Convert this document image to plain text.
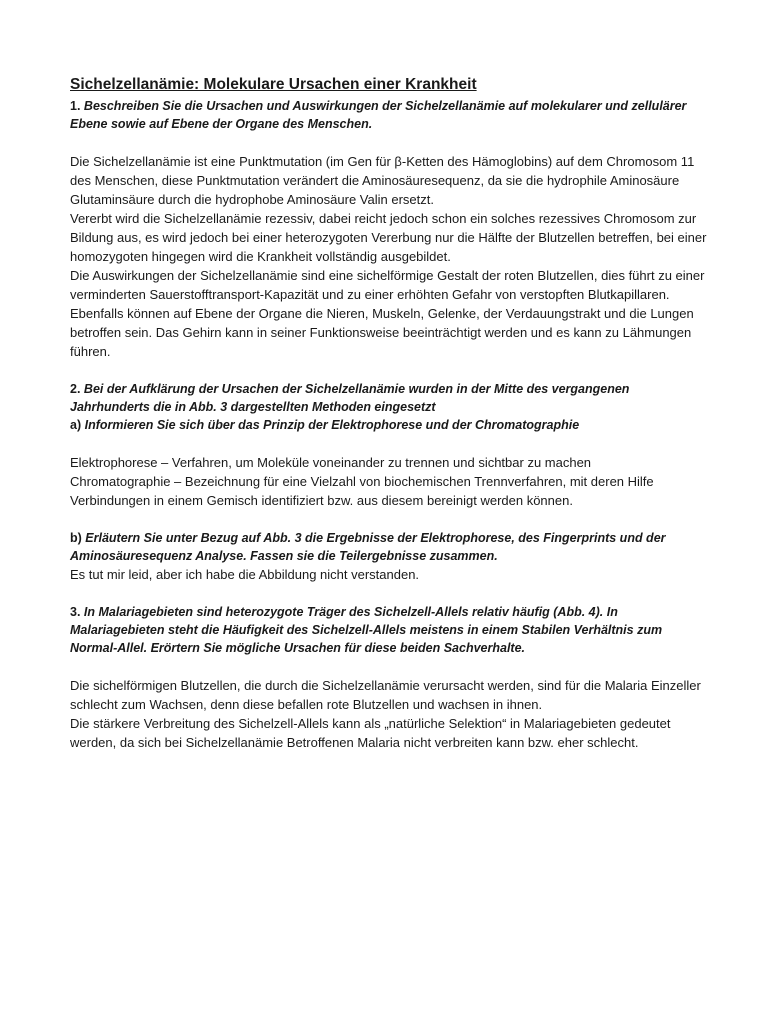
Sichelzellanämie: Molekulare Ursachen einer Krankheit

1. Beschreiben Sie die Ursachen und Auswirkungen der Sichelzellanämie auf molekularer und zellulärer Ebene sowie auf Ebene der Organe des Menschen.

Die Sichelzellanämie ist eine Punktmutation (im Gen für β-Ketten des Hämoglobins) auf dem Chromosom 11 des Menschen, diese Punktmutation verändert die Aminosäuresequenz, da sie die hydrophile Aminosäure Glutaminsäure durch die hydrophobe Aminosäure Valin ersetzt.

Vererbt wird die Sichelzellanämie rezessiv, dabei reicht jedoch schon ein solches rezessives Chromosom zur Bildung aus, es wird jedoch bei einer heterozygoten Vererbung nur die Hälfte der Blutzellen betreffen, bei einer homozygoten hingegen wird die Krankheit vollständig ausgebildet.

Die Auswirkungen der Sichelzellanämie sind eine sichelförmige Gestalt der roten Blutzellen, dies führt zu einer verminderten Sauerstofftransport-Kapazität und zu einer erhöhten Gefahr von verstopften Blutkapillaren. Ebenfalls können auf Ebene der Organe die Nieren, Muskeln, Gelenke, der Verdauungstrakt und die Lungen betroffen sein. Das Gehirn kann in seiner Funktionsweise beeinträchtigt werden und es kann zu Lähmungen führen.

2. Bei der Aufklärung der Ursachen der Sichelzellanämie wurden in der Mitte des vergangenen Jahrhunderts die in Abb. 3 dargestellten Methoden eingesetzt

a) Informieren Sie sich über das Prinzip der Elektrophorese und der Chromatographie

Elektrophorese – Verfahren, um Moleküle voneinander zu trennen und sichtbar zu machen

Chromatographie – Bezeichnung für eine Vielzahl von biochemischen Trennverfahren, mit deren Hilfe Verbindungen in einem Gemisch identifiziert bzw. aus diesem bereinigt werden können.

b) Erläutern Sie unter Bezug auf Abb. 3 die Ergebnisse der Elektrophorese, des Fingerprints und der Aminosäuresequenz Analyse. Fassen sie die Teilergebnisse zusammen.

Es tut mir leid, aber ich habe die Abbildung nicht verstanden.

3. In Malariagebieten sind heterozygote Träger des Sichelzell-Allels relativ häufig (Abb. 4). In Malariagebieten steht die Häufigkeit des Sichelzell-Allels meistens in einem Stabilen Verhältnis zum Normal-Allel. Erörtern Sie mögliche Ursachen für diese beiden Sachverhalte.

Die sichelförmigen Blutzellen, die durch die Sichelzellanämie verursacht werden, sind für die Malaria Einzeller schlecht zum Wachsen, denn diese befallen rote Blutzellen und wachsen in ihnen.

Die stärkere Verbreitung des Sichelzell-Allels kann als „natürliche Selektion“ in Malariagebieten gedeutet werden, da sich bei Sichelzellanämie Betroffenen Malaria nicht verbreiten kann bzw. eher schlecht.
